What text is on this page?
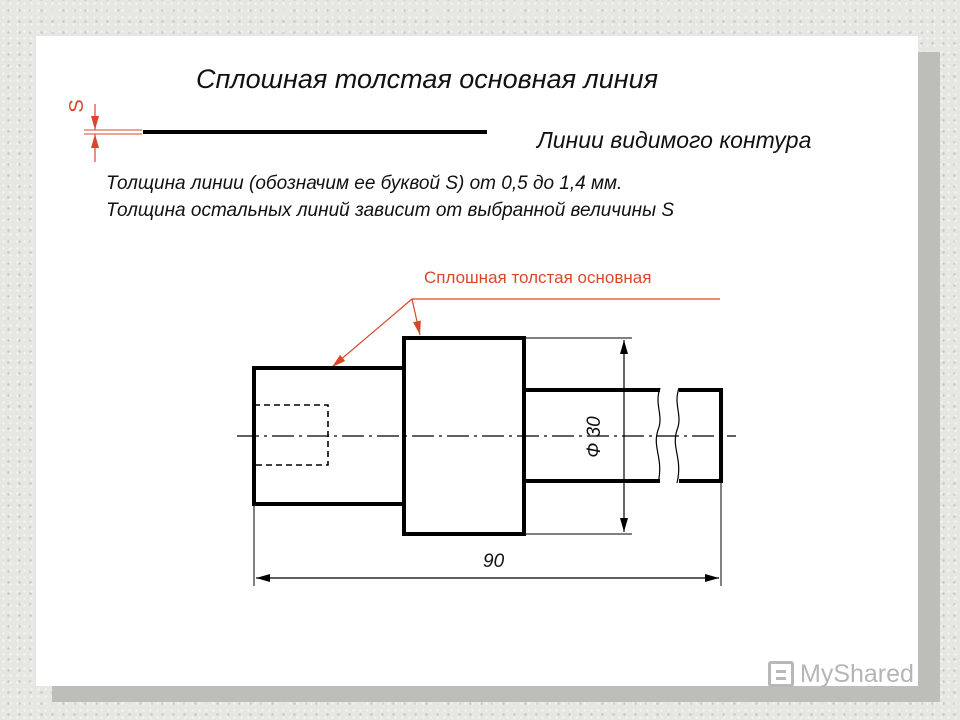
Сплошная толстая основная линия
Линии видимого контура
Толщина линии (обозначим ее буквой S) от 0,5 до 1,4 мм.
Толщина остальных линий зависит от выбранной величины S
S
Сплошная толстая основная
90
Ф 30
MyShared
